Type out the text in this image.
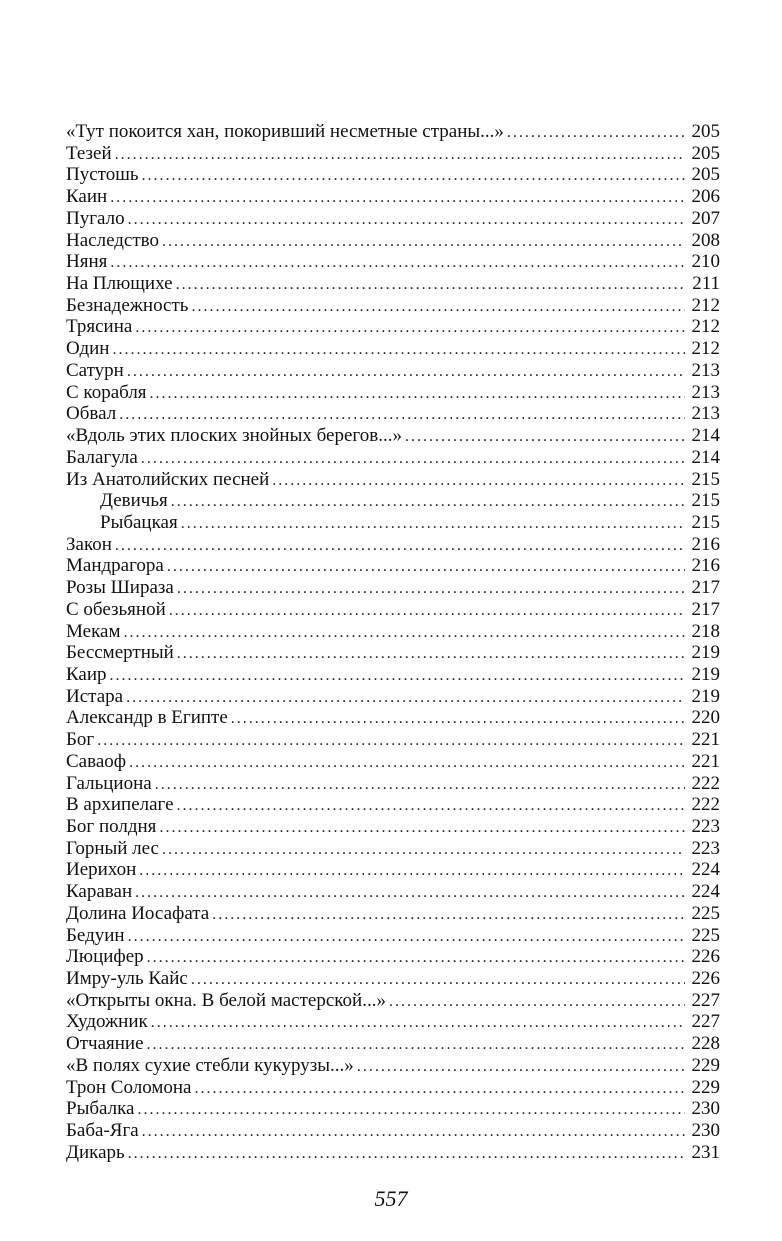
«Тут покоится хан, покоривший несметные страны...» . . .	205
Тезей . . .	205
Пустошь . . .	205
Каин . . .	206
Пугало . . .	207
Наследство . . .	208
Няня . . .	210
На Плющихе . . .	211
Безнадежность . . .	212
Трясина . . .	212
Один . . .	212
Сатурн . . .	213
С корабля . . .	213
Обвал . . .	213
«Вдоль этих плоских знойных берегов...» . . .	214
Балагула . . .	214
Из Анатолийских песней . . .	215
Девичья . . .	215
Рыбацкая . . .	215
Закон . . .	216
Мандрагора . . .	216
Розы Шираза . . .	217
С обезьяной . . .	217
Мекам . . .	218
Бессмертный . . .	219
Каир . . .	219
Истара . . .	219
Александр в Египте . . .	220
Бог . . .	221
Саваоф . . .	221
Гальциона . . .	222
В архипелаге . . .	222
Бог полдня . . .	223
Горный лес . . .	223
Иерихон . . .	224
Караван . . .	224
Долина Иосафата . . .	225
Бедуин . . .	225
Люцифер . . .	226
Имру-уль Кайс . . .	226
«Открыты окна. В белой мастерской...» . . .	227
Художник . . .	227
Отчаяние . . .	228
«В полях сухие стебли кукурузы...» . . .	229
Трон Соломона . . .	229
Рыбалка . . .	230
Баба-Яга . . .	230
Дикарь . . .	231
557
